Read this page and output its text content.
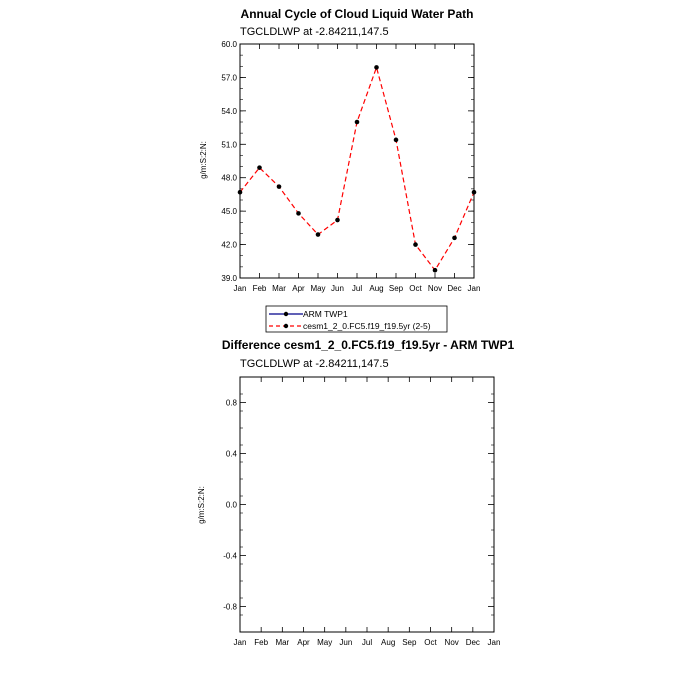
Annual Cycle of Cloud Liquid Water Path
TGCLDLWP at -2.84211,147.5
g/m:S:2:N:
Jan Feb Mar Apr May Jun Jul Aug Sep Oct Nov Dec Jan
39.0
42.0
45.0
48.0
51.0
54.0
57.0
60.0
ARM TWP1
cesm1_2_0.FC5.f19_f19.5yr (2-5)
Difference cesm1_2_0.FC5.f19_f19.5yr - ARM TWP1
TGCLDLWP at -2.84211,147.5
g/m:S:2:N:
Jan Feb Mar Apr May Jun Jul Aug Sep Oct Nov Dec Jan
-0.8
-0.4
0.0
0.4
0.8
